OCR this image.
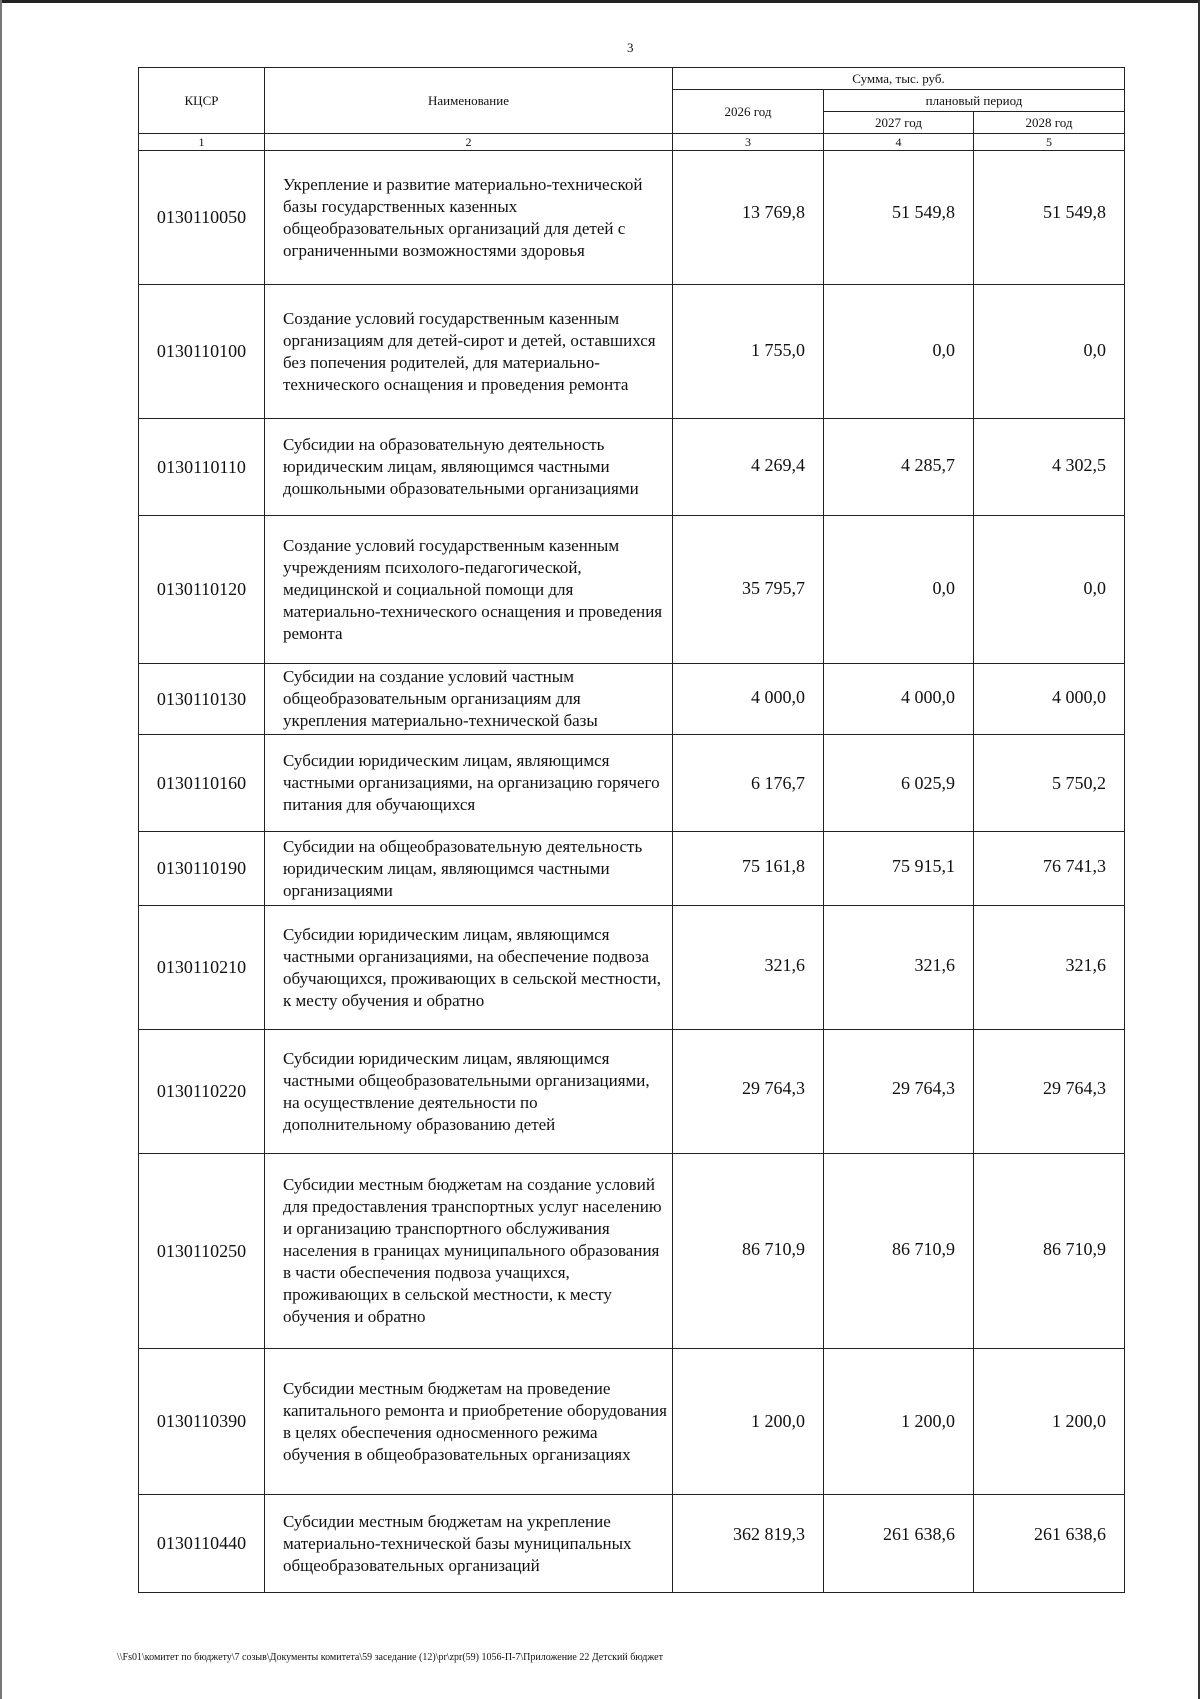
3
КЦСР	Наименование	Сумма, тыс. руб.		
		2026 год	плановый период	
			2027 год	2028 год
1	2	3	4	5
0130110050	Укрепление и развитие материально-технической базы государственных казенных общеобразовательных организаций для детей с ограниченными возможностями здоровья	13 769,8	51 549,8	51 549,8
0130110100	Создание условий государственным казенным организациям для детей-сирот и детей, оставшихся без попечения родителей, для материально-технического оснащения и проведения ремонта	1 755,0	0,0	0,0
0130110110	Субсидии на образовательную деятельность юридическим лицам, являющимся частными дошкольными образовательными организациями	4 269,4	4 285,7	4 302,5
0130110120	Создание условий государственным казенным учреждениям психолого-педагогической, медицинской и социальной помощи для материально-технического оснащения и проведения ремонта	35 795,7	0,0	0,0
0130110130	Субсидии на создание условий частным общеобразовательным организациям для укрепления материально-технической базы	4 000,0	4 000,0	4 000,0
0130110160	Субсидии юридическим лицам, являющимся частными организациями, на организацию горячего питания для обучающихся	6 176,7	6 025,9	5 750,2
0130110190	Субсидии на общеобразовательную деятельность юридическим лицам, являющимся частными организациями	75 161,8	75 915,1	76 741,3
0130110210	Субсидии юридическим лицам, являющимся частными организациями, на обеспечение подвоза обучающихся, проживающих в сельской местности, к месту обучения и обратно	321,6	321,6	321,6
0130110220	Субсидии юридическим лицам, являющимся частными общеобразовательными организациями, на осуществление деятельности по дополнительному образованию детей	29 764,3	29 764,3	29 764,3
0130110250	Субсидии местным бюджетам на создание условий для предоставления транспортных услуг населению и организацию транспортного обслуживания населения в границах муниципального образования в части обеспечения подвоза учащихся, проживающих в сельской местности, к месту обучения и обратно	86 710,9	86 710,9	86 710,9
0130110390	Субсидии местным бюджетам на проведение капитального ремонта и приобретение оборудования в целях обеспечения односменного режима обучения в общеобразовательных организациях	1 200,0	1 200,0	1 200,0
0130110440	Субсидии местным бюджетам на укрепление материально-технической базы муниципальных общеобразовательных организаций	362 819,3	261 638,6	261 638,6
\\Fs01\комитет по бюджету\7 созыв\Документы комитета\59 заседание (12)\pr\zpr(59) 1056-П-7\Приложение 22 Детский бюджет
